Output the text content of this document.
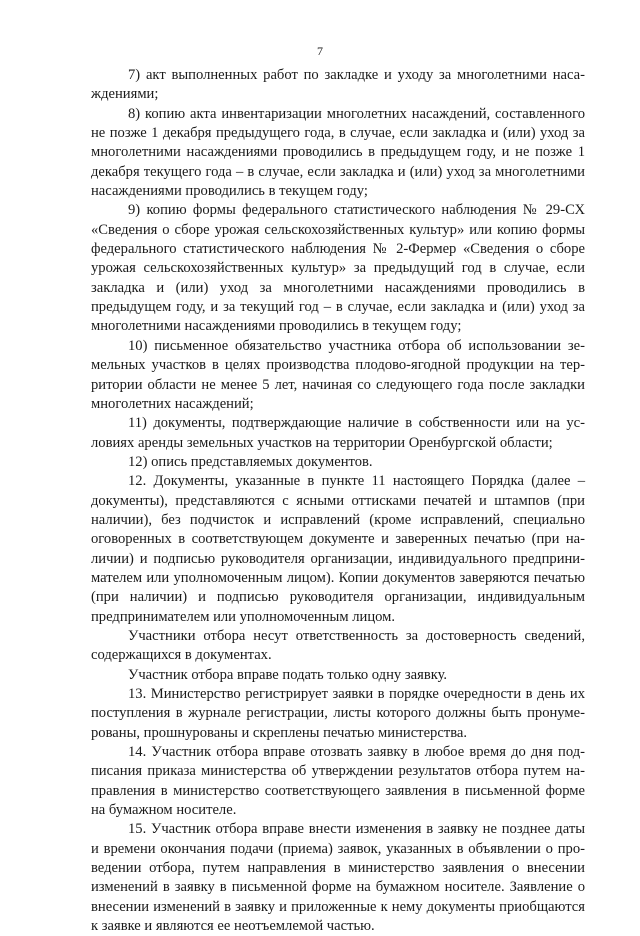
7

7) акт выполненных работ по закладке и уходу за многолетними насаждениями;

8) копию акта инвентаризации многолетних насаждений, составленного не позже 1 декабря предыдущего года, в случае, если закладка и (или) уход за многолетними насаждениями проводились в предыдущем году, и не позже 1 декабря текущего года – в случае, если закладка и (или) уход за многолетними насаждениями проводились в текущем году;

9) копию формы федерального статистического наблюдения № 29-СХ «Сведения о сборе урожая сельскохозяйственных культур» или копию формы федерального статистического наблюдения № 2-Фермер «Сведения о сборе урожая сельскохозяйственных культур» за предыдущий год в случае, если закладка и (или) уход за многолетними насаждениями проводились в предыдущем году, и за текущий год – в случае, если закладка и (или) уход за многолетними насаждениями проводились в текущем году;

10) письменное обязательство участника отбора об использовании земельных участков в целях производства плодово-ягодной продукции на территории области не менее 5 лет, начиная со следующего года после закладки многолетних насаждений;

11) документы, подтверждающие наличие в собственности или на условиях аренды земельных участков на территории Оренбургской области;

12) опись представляемых документов.

12. Документы, указанные в пункте 11 настоящего Порядка (далее – документы), представляются с ясными оттисками печатей и штампов (при наличии), без подчисток и исправлений (кроме исправлений, специально оговоренных в соответствующем документе и заверенных печатью (при наличии) и подписью руководителя организации, индивидуального предпринимателем или уполномоченным лицом). Копии документов заверяются печатью (при наличии) и подписью руководителя организации, индивидуальным предпринимателем или уполномоченным лицом.

Участники отбора несут ответственность за достоверность сведений, содержащихся в документах.

Участник отбора вправе подать только одну заявку.

13. Министерство регистрирует заявки в порядке очередности в день их поступления в журнале регистрации, листы которого должны быть пронумерованы, прошнурованы и скреплены печатью министерства.

14. Участник отбора вправе отозвать заявку в любое время до дня подписания приказа министерства об утверждении результатов отбора путем направления в министерство соответствующего заявления в письменной форме на бумажном носителе.

15. Участник отбора вправе внести изменения в заявку не позднее даты и времени окончания подачи (приема) заявок, указанных в объявлении о проведении отбора, путем направления в министерство заявления о внесении изменений в заявку в письменной форме на бумажном носителе. Заявление о внесении изменений в заявку и приложенные к нему документы приобщаются к заявке и являются ее неотъемлемой частью.
